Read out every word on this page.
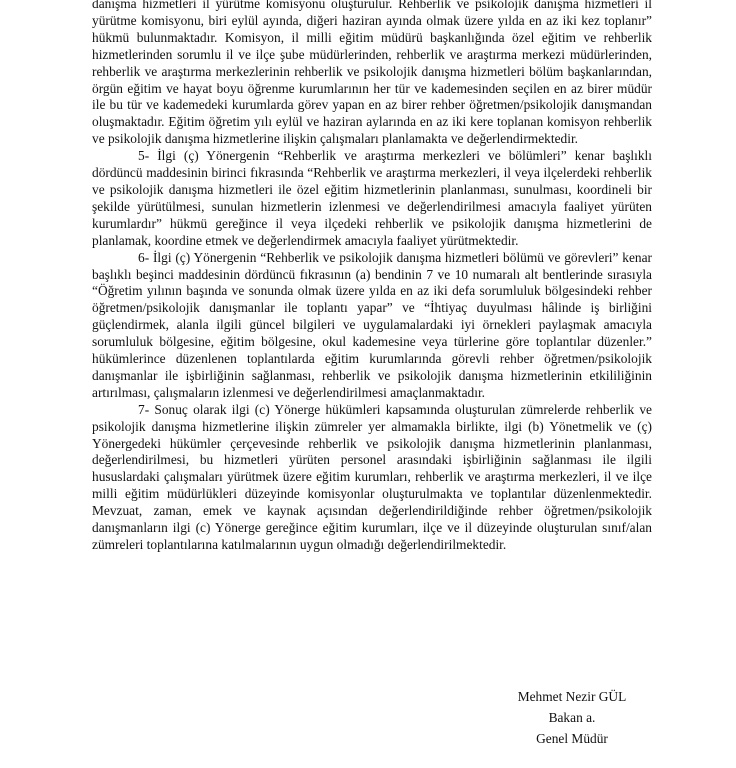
danışma hizmetleri il yürütme komisyonu oluşturulur. Rehberlik ve psikolojik danışma hizmetleri il yürütme komisyonu, biri eylül ayında, diğeri haziran ayında olmak üzere yılda en az iki kez toplanır” hükmü bulunmaktadır. Komisyon, il milli eğitim müdürü başkanlığında özel eğitim ve rehberlik hizmetlerinden sorumlu il ve ilçe şube müdürlerinden, rehberlik ve araştırma merkezi müdürlerinden, rehberlik ve araştırma merkezlerinin rehberlik ve psikolojik danışma hizmetleri bölüm başkanlarından, örgün eğitim ve hayat boyu öğrenme kurumlarının her tür ve kademesinden seçilen en az birer müdür ile bu tür ve kademedeki kurumlarda görev yapan en az birer rehber öğretmen/psikolojik danışmandan oluşmaktadır. Eğitim öğretim yılı eylül ve haziran aylarında en az iki kere toplanan komisyon rehberlik ve psikolojik danışma hizmetlerine ilişkin çalışmaları planlamakta ve değerlendirmektedir.

5- İlgi (ç) Yönergenin “Rehberlik ve araştırma merkezleri ve bölümleri” kenar başlıklı dördüncü maddesinin birinci fıkrasında “Rehberlik ve araştırma merkezleri, il veya ilçelerdeki rehberlik ve psikolojik danışma hizmetleri ile özel eğitim hizmetlerinin planlanması, sunulması, koordineli bir şekilde yürütülmesi, sunulan hizmetlerin izlenmesi ve değerlendirilmesi amacıyla faaliyet yürüten kurumlardır” hükmü gereğince il veya ilçedeki rehberlik ve psikolojik danışma hizmetlerini de planlamak, koordine etmek ve değerlendirmek amacıyla faaliyet yürütmektedir.

6- İlgi (ç) Yönergenin “Rehberlik ve psikolojik danışma hizmetleri bölümü ve görevleri” kenar başlıklı beşinci maddesinin dördüncü fıkrasının (a) bendinin 7 ve 10 numaralı alt bentlerinde sırasıyla “Öğretim yılının başında ve sonunda olmak üzere yılda en az iki defa sorumluluk bölgesindeki rehber öğretmen/psikolojik danışmanlar ile toplantı yapar” ve “İhtiyaç duyulması hâlinde iş birliğini güçlendirmek, alanla ilgili güncel bilgileri ve uygulamalardaki iyi örnekleri paylaşmak amacıyla sorumluluk bölgesine, eğitim bölgesine, okul kademesine veya türlerine göre toplantılar düzenler.” hükümlerince düzenlenen toplantılarda eğitim kurumlarında görevli rehber öğretmen/psikolojik danışmanlar ile işbirliğinin sağlanması, rehberlik ve psikolojik danışma hizmetlerinin etkililiğinin artırılması, çalışmaların izlenmesi ve değerlendirilmesi amaçlanmaktadır.

7- Sonuç olarak ilgi (c) Yönerge hükümleri kapsamında oluşturulan zümrelerde rehberlik ve psikolojik danışma hizmetlerine ilişkin zümreler yer almamakla birlikte, ilgi (b) Yönetmelik ve (ç) Yönergedeki hükümler çerçevesinde rehberlik ve psikolojik danışma hizmetlerinin planlanması, değerlendirilmesi, bu hizmetleri yürüten personel arasındaki işbirliğinin sağlanması ile ilgili hususlardaki çalışmaları yürütmek üzere eğitim kurumları, rehberlik ve araştırma merkezleri, il ve ilçe milli eğitim müdürlükleri düzeyinde komisyonlar oluşturulmakta ve toplantılar düzenlenmektedir. Mevzuat, zaman, emek ve kaynak açısından değerlendirildiğinde rehber öğretmen/psikolojik danışmanların ilgi (c) Yönerge gereğince eğitim kurumları, ilçe ve il düzeyinde oluşturulan sınıf/alan zümreleri toplantılarına katılmalarının uygun olmadığı değerlendirilmektedir.

Mehmet Nezir GÜL
Bakan a.
Genel Müdür
